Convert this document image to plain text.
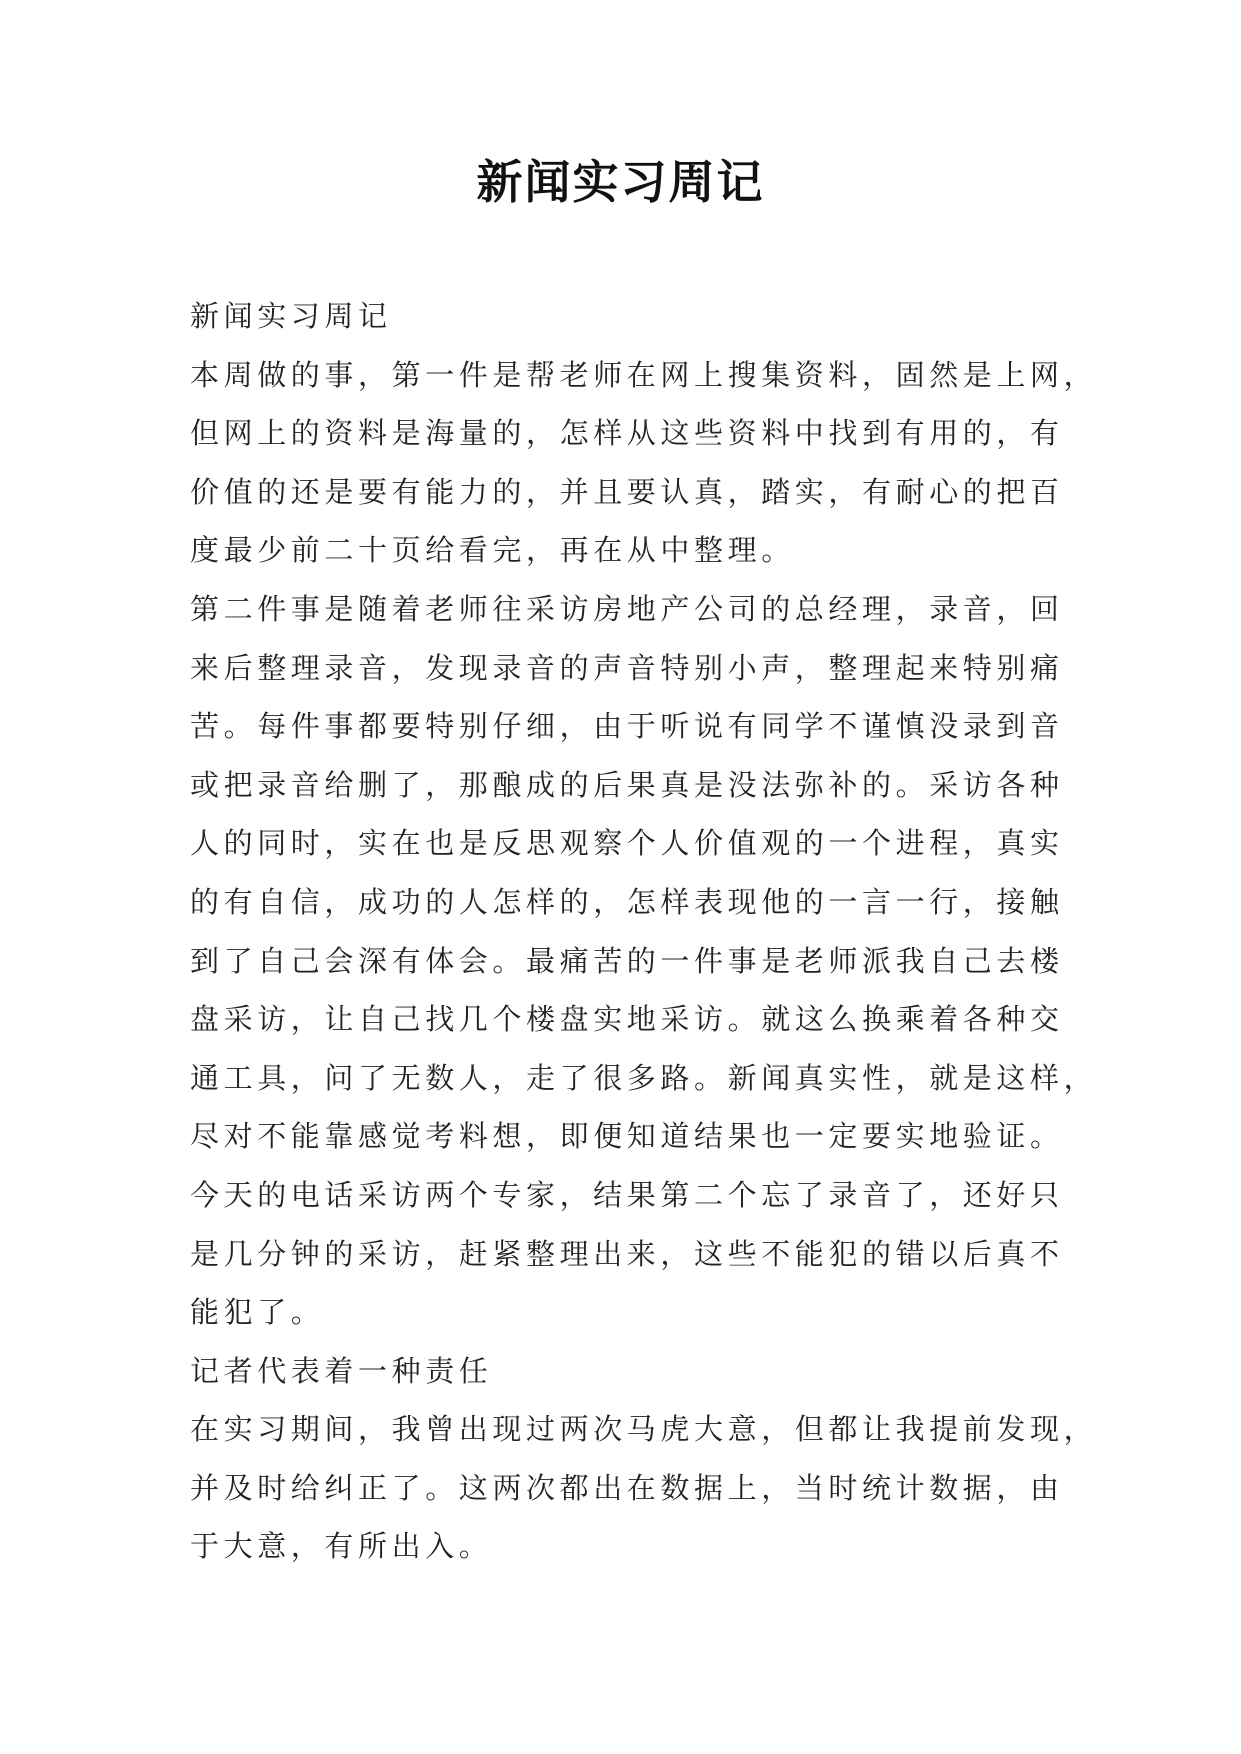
新闻实习周记
新闻实习周记
本周做的事，第一件是帮老师在网上搜集资料，固然是上网，
但网上的资料是海量的，怎样从这些资料中找到有用的，有
价值的还是要有能力的，并且要认真，踏实，有耐心的把百
度最少前二十页给看完，再在从中整理。
第二件事是随着老师往采访房地产公司的总经理，录音，回
来后整理录音，发现录音的声音特别小声，整理起来特别痛
苦。每件事都要特别仔细，由于听说有同学不谨慎没录到音
或把录音给删了，那酿成的后果真是没法弥补的。采访各种
人的同时，实在也是反思观察个人价值观的一个进程，真实
的有自信，成功的人怎样的，怎样表现他的一言一行，接触
到了自己会深有体会。最痛苦的一件事是老师派我自己去楼
盘采访，让自己找几个楼盘实地采访。就这么换乘着各种交
通工具，问了无数人，走了很多路。新闻真实性，就是这样，
尽对不能靠感觉考料想，即便知道结果也一定要实地验证。
今天的电话采访两个专家，结果第二个忘了录音了，还好只
是几分钟的采访，赶紧整理出来，这些不能犯的错以后真不
能犯了。
记者代表着一种责任
在实习期间，我曾出现过两次马虎大意，但都让我提前发现，
并及时给纠正了。这两次都出在数据上，当时统计数据，由
于大意，有所出入。
